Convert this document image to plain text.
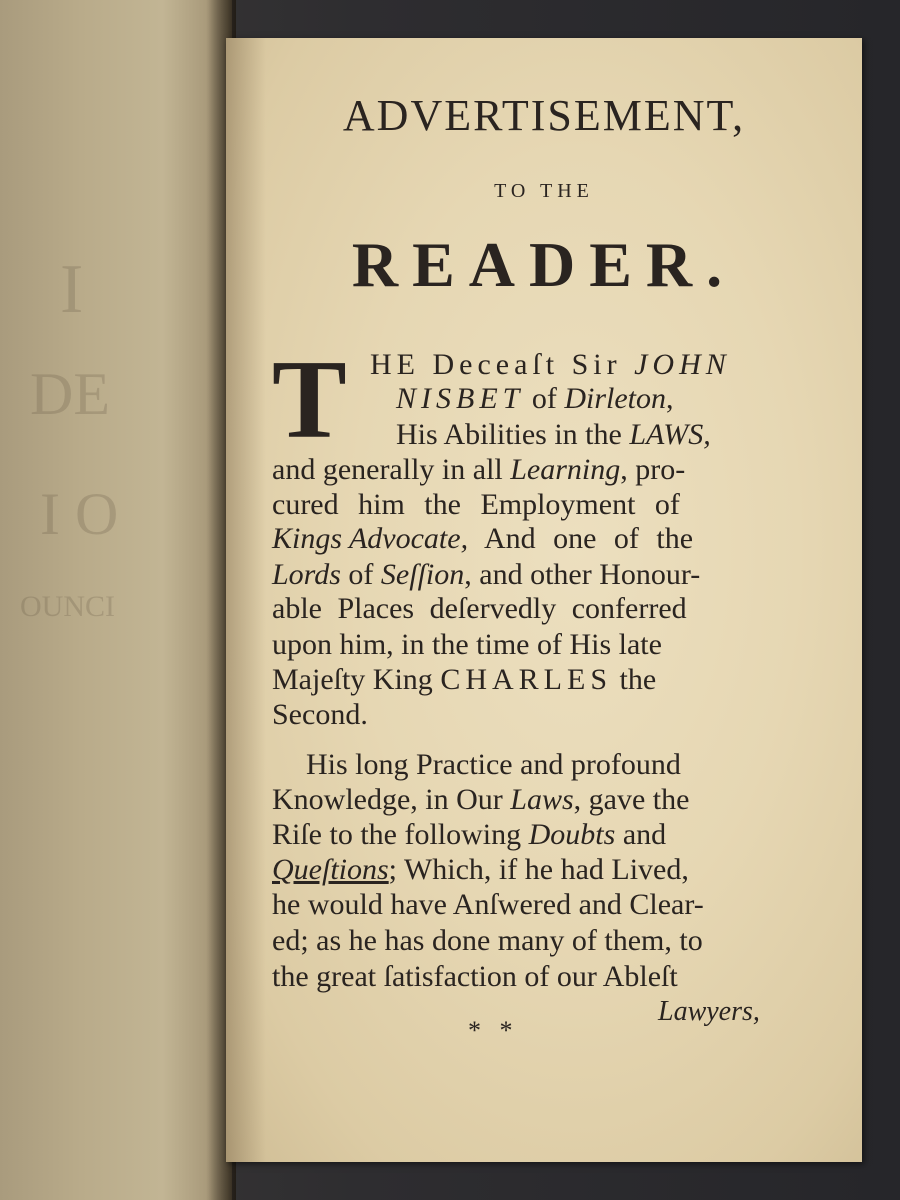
I
DE
I O
OUNCI
ADVERTISEMENT,
TO THE
READER.
T HE Deceaſt Sir JOHN
NISBET of Dirleton,
His Abilities in the LAWS,
and generally in all Learning, pro-
cured him the Employment of
Kings Advocate, And one of the
Lords of Seſſion, and other Honour-
able Places deſervedly conferred
upon him, in the time of His late
Majeſty King CHARLES the
Second.
His long Practice and profound
Knowledge, in Our Laws, gave the
Riſe to the following Doubts and
Queſtions; Which, if he had Lived,
he would have Anſwered and Clear-
ed; as he has done many of them, to
the great ſatisfaction of our Ableſt
* *
Lawyers,
